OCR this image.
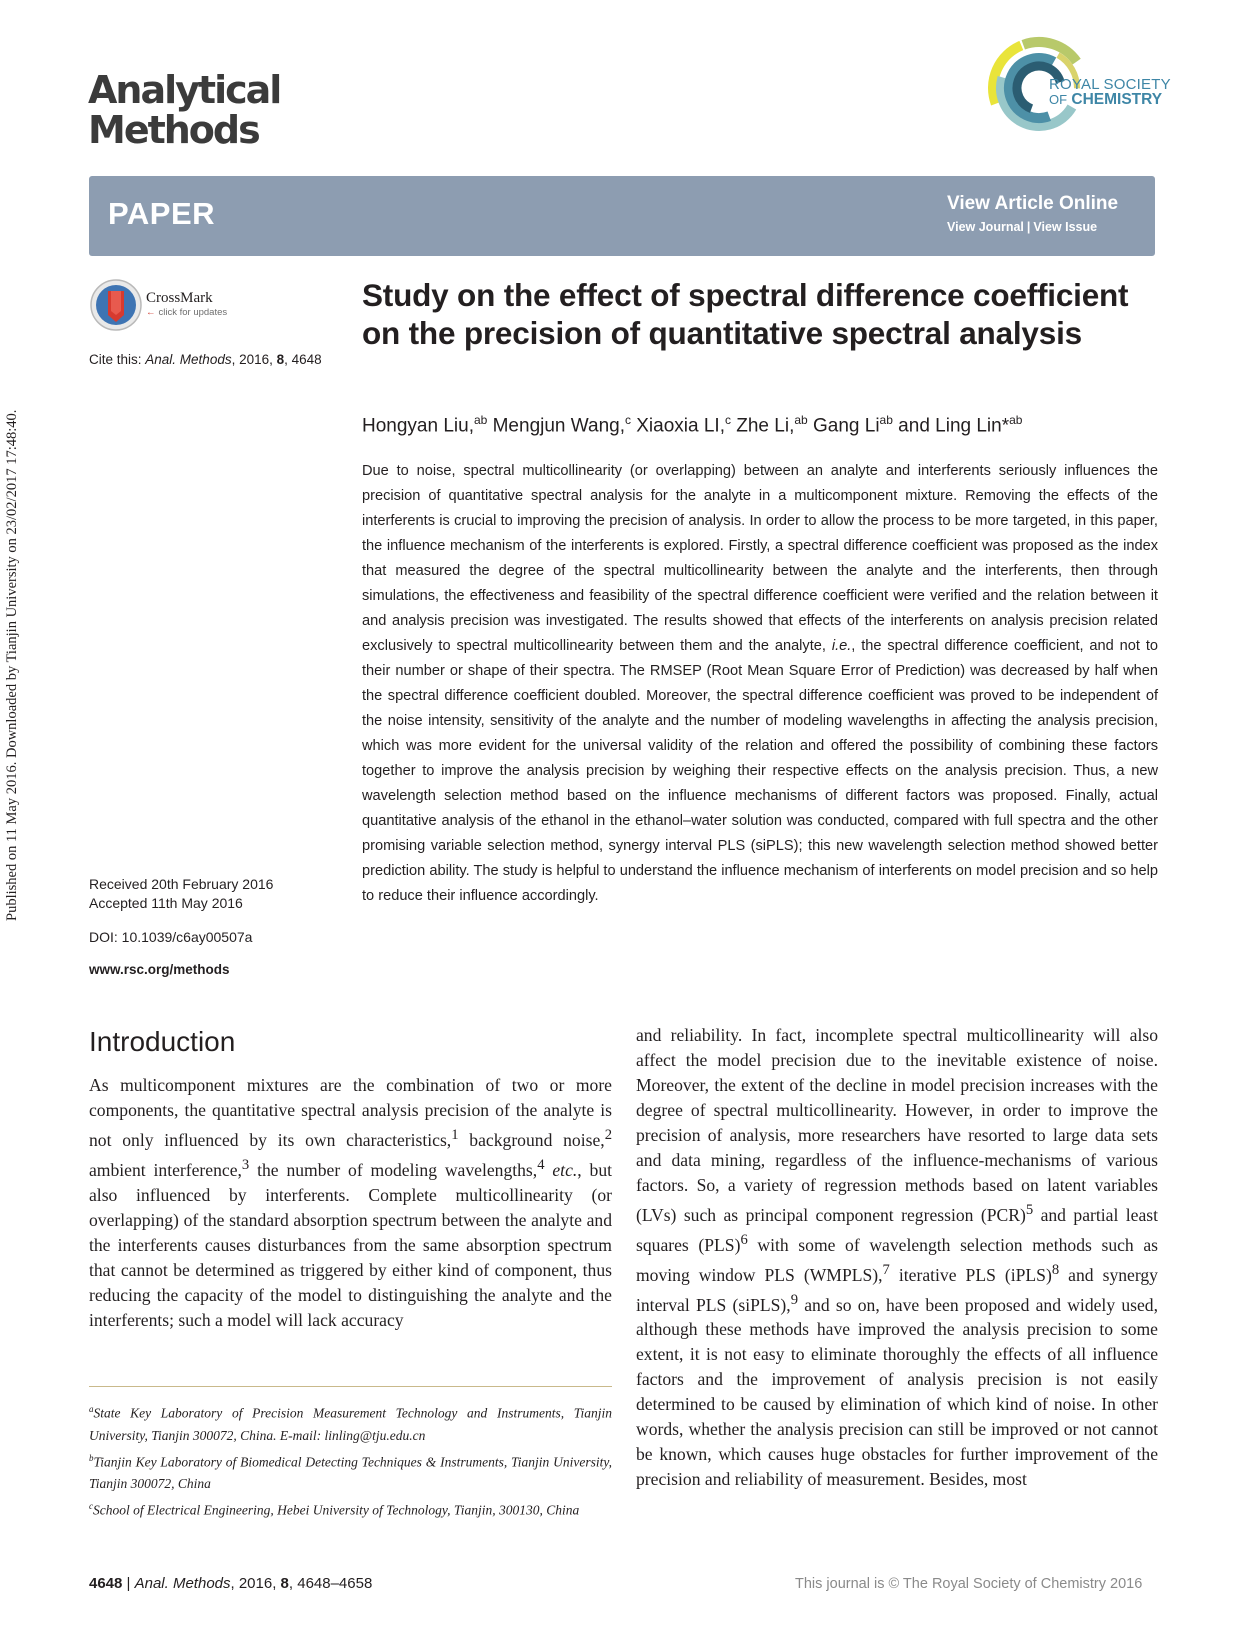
Published on 11 May 2016. Downloaded by Tianjin University on 23/02/2017 17:48:40.
Analytical
Methods
ROYAL SOCIETY
OF CHEMISTRY
PAPER	View Article Online
View Journal | View Issue
CrossMark
← click for updates
Cite this: Anal. Methods, 2016, 8, 4648
Study on the effect of spectral difference coefficient on the precision of quantitative spectral analysis
Hongyan Liu,$^{ab}$ Mengjun Wang,$^c$ Xiaoxia LI,$^c$ Zhe Li,$^{ab}$ Gang $Li^{ab}$ and Ling Lin*$^{ab}$
Due to noise, spectral multicollinearity (or overlapping) between an analyte and interferents seriously influences the precision of quantitative spectral analysis for the analyte in a multicomponent mixture. Removing the effects of the interferents is crucial to improving the precision of analysis. In order to allow the process to be more targeted, in this paper, the influence mechanism of the interferents is explored. Firstly, a spectral difference coefficient was proposed as the index that measured the degree of the spectral multicollinearity between the analyte and the interferents, then through simulations, the effectiveness and feasibility of the spectral difference coefficient were verified and the relation between it and analysis precision was investigated. The results showed that effects of the interferents on analysis precision related exclusively to spectral multicollinearity between them and the analyte, i.e., the spectral difference coefficient, and not to their number or shape of their spectra. The RMSEP (Root Mean Square Error of Prediction) was decreased by half when the spectral difference coefficient doubled. Moreover, the spectral difference coefficient was proved to be independent of the noise intensity, sensitivity of the analyte and the number of modeling wavelengths in affecting the analysis precision, which was more evident for the universal validity of the relation and offered the possibility of combining these factors together to improve the analysis precision by weighing their respective effects on the analysis precision. Thus, a new wavelength selection method based on the influence mechanisms of different factors was proposed. Finally, actual quantitative analysis of the ethanol in the ethanol–water solution was conducted, compared with full spectra and the other promising variable selection method, synergy interval PLS (siPLS); this new wavelength selection method showed better prediction ability. The study is helpful to understand the influence mechanism of interferents on model precision and so help to reduce their influence accordingly.
Received 20th February 2016
Accepted 11th May 2016
DOI: 10.1039/c6ay00507a
www.rsc.org/methods
Introduction
As multicomponent mixtures are the combination of two or more components, the quantitative spectral analysis precision of the analyte is not only influenced by its own characteristics,$^1$ background noise,$^2$ ambient interference,$^3$ the number of modeling wavelengths,$^4$ etc., but also influenced by interferents. Complete multicollinearity (or overlapping) of the standard absorption spectrum between the analyte and the interferents causes disturbances from the same absorption spectrum that cannot be determined as triggered by either kind of component, thus reducing the capacity of the model to distinguishing the analyte and the interferents; such a model will lack accuracy
and reliability. In fact, incomplete spectral multicollinearity will also affect the model precision due to the inevitable existence of noise. Moreover, the extent of the decline in model precision increases with the degree of spectral multicollinearity. However, in order to improve the precision of analysis, more researchers have resorted to large data sets and data mining, regardless of the influence-mechanisms of various factors. So, a variety of regression methods based on latent variables (LVs) such as principal component regression (PCR)$^5$ and partial least squares (PLS)$^6$ with some of wavelength selection methods such as moving window PLS (WMPLS),$^7$ iterative PLS (iPLS)$^8$ and synergy interval PLS (siPLS),$^9$ and so on, have been proposed and widely used, although these methods have improved the analysis precision to some extent, it is not easy to eliminate thoroughly the effects of all influence factors and the improvement of analysis precision is not easily determined to be caused by elimination of which kind of noise. In other words, whether the analysis precision can still be improved or not cannot be known, which causes huge obstacles for further improvement of the precision and reliability of measurement. Besides, most

$^a$State Key Laboratory of Precision Measurement Technology and Instruments, Tianjin University, Tianjin 300072, China. E-mail: linling@tju.edu.cn

$^b$Tianjin Key Laboratory of Biomedical Detecting Techniques & Instruments, Tianjin University, Tianjin 300072, China

$^c$School of Electrical Engineering, Hebei University of Technology, Tianjin, 300130, China

4648 | Anal. Methods, 2016, 8, 4648–4658	This journal is © The Royal Society of Chemistry 2016
